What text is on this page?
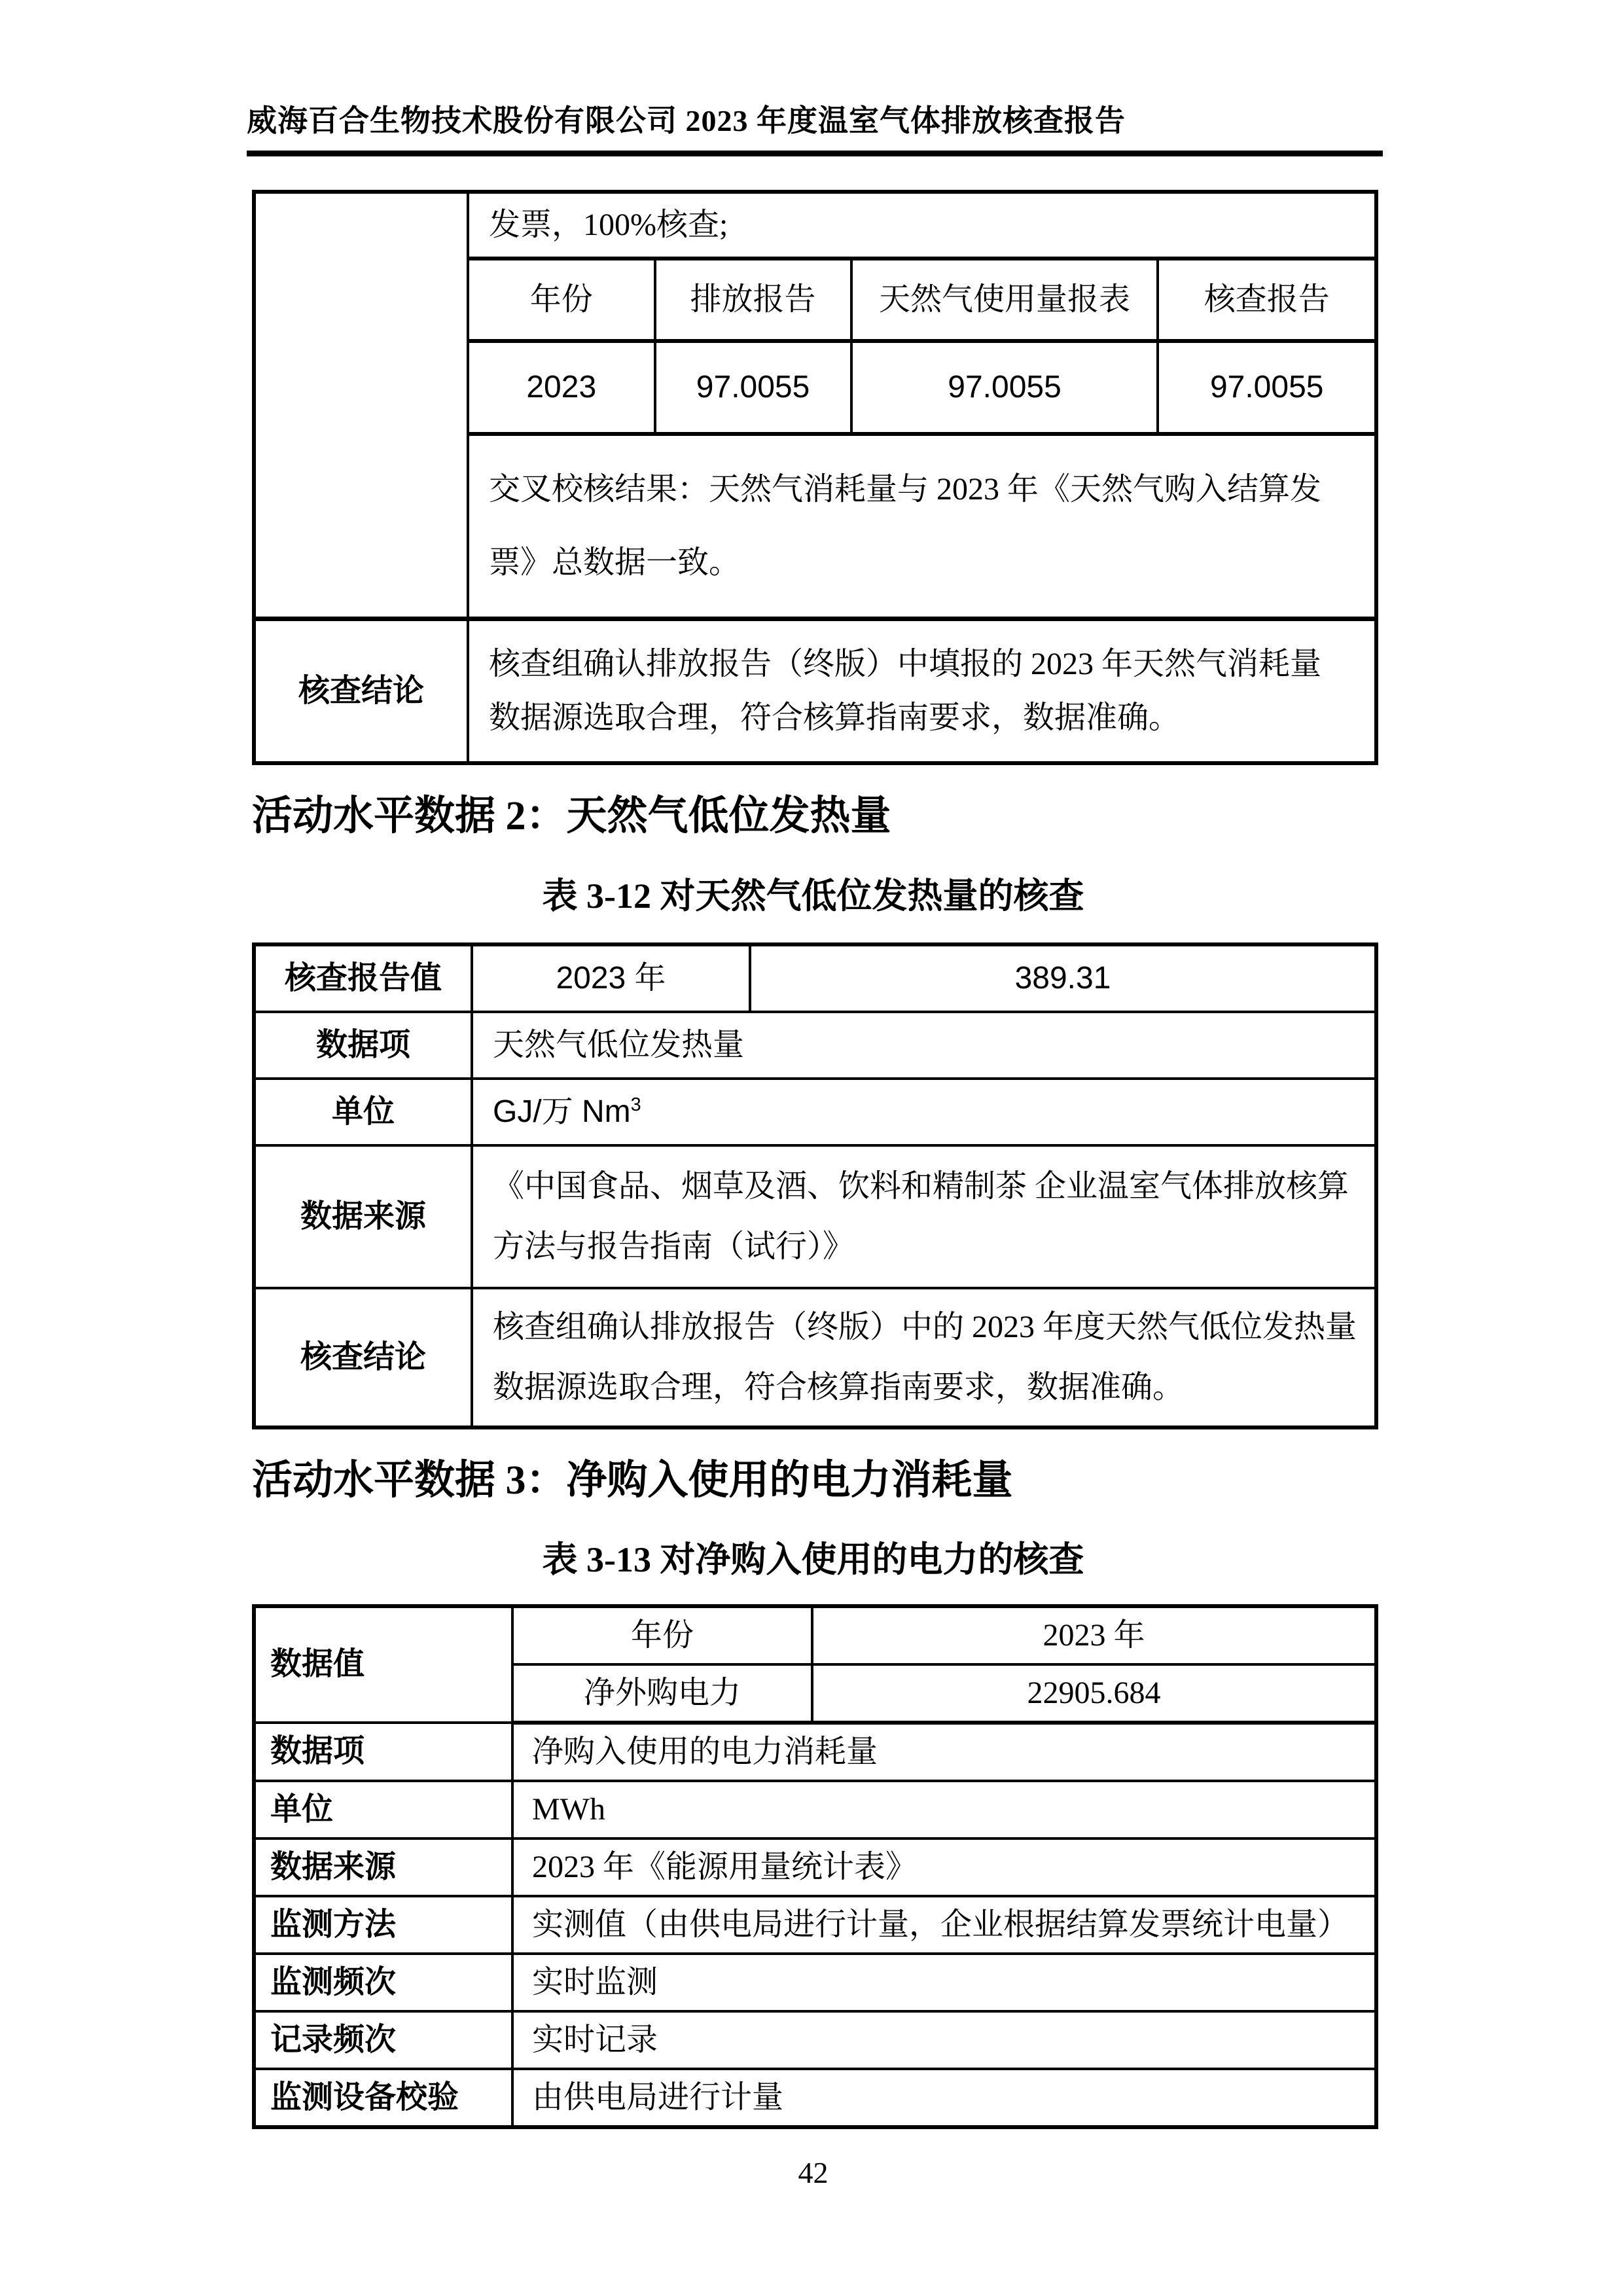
威海百合生物技术股份有限公司 2023 年度温室气体排放核查报告

发票，100%核查;
年份	排放报告	天然气使用量报表	核查报告
2023	97.0055	97.0055	97.0055
交叉校核结果：天然气消耗量与 2023 年《天然气购入结算发票》总数据一致。

核查结论	核查组确认排放报告（终版）中填报的 2023 年天然气消耗量数据源选取合理，符合核算指南要求，数据准确。
活动水平数据 2：天然气低位发热量
表 3-12 对天然气低位发热量的核查
核查报告值	2023 年	389.31
数据项	天然气低位发热量	
单位	GJ/万 Nm$^3$
数据来源	《中国食品、烟草及酒、饮料和精制茶 企业温室气体排放核算方法与报告指南（试行）》	
核查结论	核查组确认排放报告（终版）中的 2023 年度天然气低位发热量数据源选取合理，符合核算指南要求，数据准确。	
活动水平数据 3：净购入使用的电力消耗量
表 3-13 对净购入使用的电力的核查
数据值	年份	2023 年
	净外购电力	22905.684
数据项	净购入使用的电力消耗量	
单位	MWh	
数据来源	2023 年《能源用量统计表》	
监测方法	实测值（由供电局进行计量，企业根据结算发票统计电量）	
监测频次	实时监测	
记录频次	实时记录	
监测设备校验	由供电局进行计量	
42
